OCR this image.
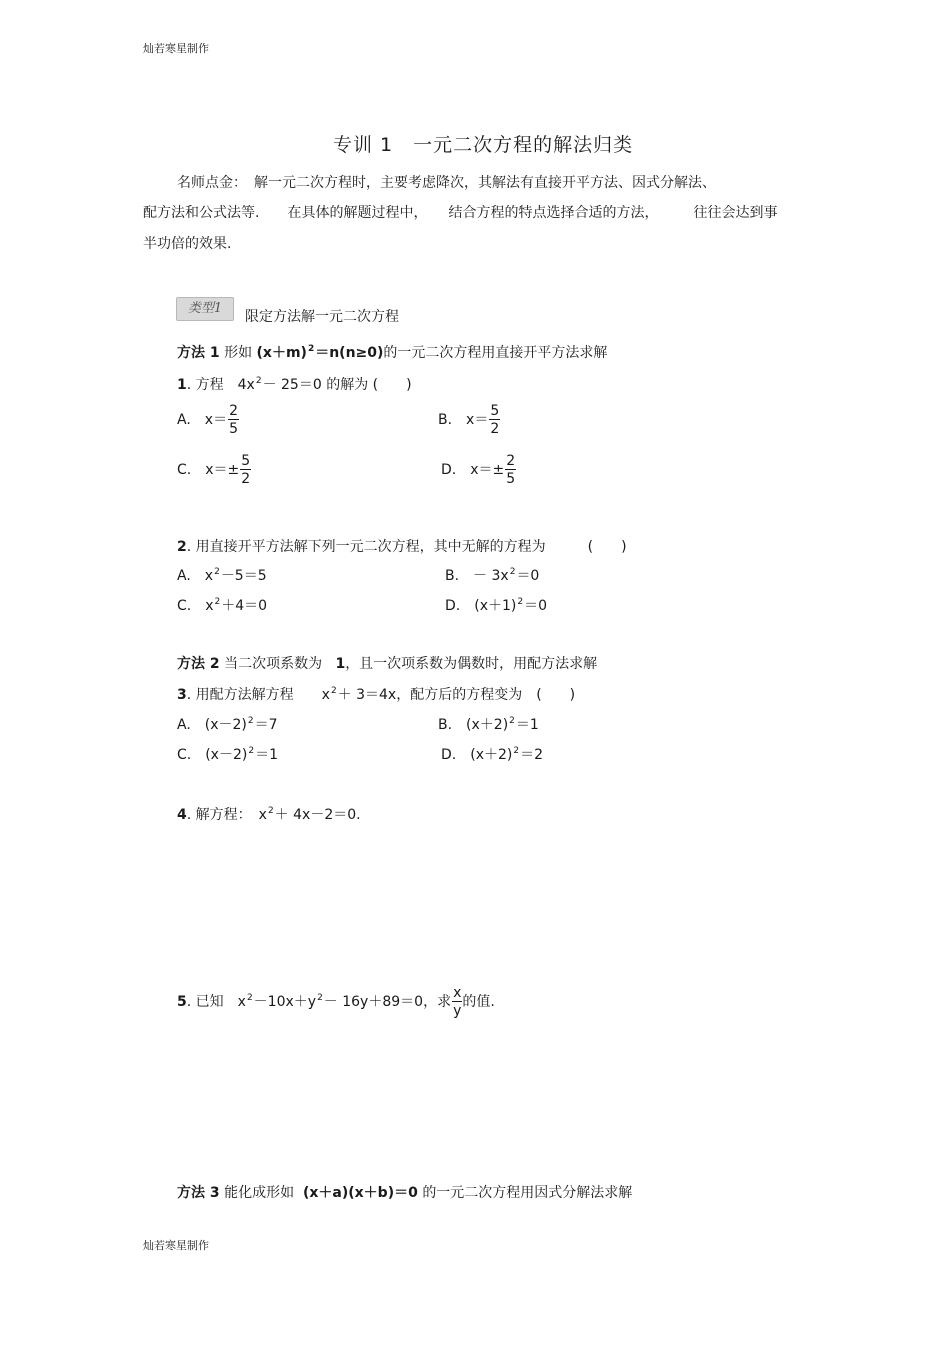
灿若寒星制作
专训 1　一元二次方程的解法归类
名师点金：　解一元二次方程时，主要考虑降次，其解法有直接开平方法、因式分解法、
配方法和公式法等.　　在具体的解题过程中，　　结合方程的特点选择合适的方法，　　　往往会达到事
半功倍的效果.
类型1
限定方法解一元二次方程
方法 1 形如 $(x+m)^2=n(n\ge 0)$的一元二次方程用直接开平方法求解
1. 方程　$4x^2- 25=0$ 的解为 (　　)
A.　$x= \frac{2}{5}$	B.　$x= \frac{5}{2}$
C.　$x=\pm \frac{5}{2}$	D.　$x=\pm \frac{2}{5}$
2. 用直接开平方法解下列一元二次方程，其中无解的方程为　　　(　　)
A.　$x^2-5=5$	B.　－ $3x^2=0$
C.　$x^2+4=0$	D.　$(x+1)^2=0$
方法 2 当二次项系数为 1，且一次项系数为偶数时，用配方法求解
3. 用配方法解方程　　$x^2+ 3=4x$，配方后的方程变为　(　　)
A.　$(x-2)^2=7$	B.　$(x+2)^2=1$
C.　$(x-2)^2=1$	D.　$(x+2)^2=2$
4. 解方程：　$x^2+ 4x-2=0$.
5. 已知　$x^2-10x+y^2- 16y+89=0$，求 $\frac{x}{y}$ 的值.
方法 3 能化成形如 (x＋a)(x＋b)＝0 的一元二次方程用因式分解法求解
灿若寒星制作
